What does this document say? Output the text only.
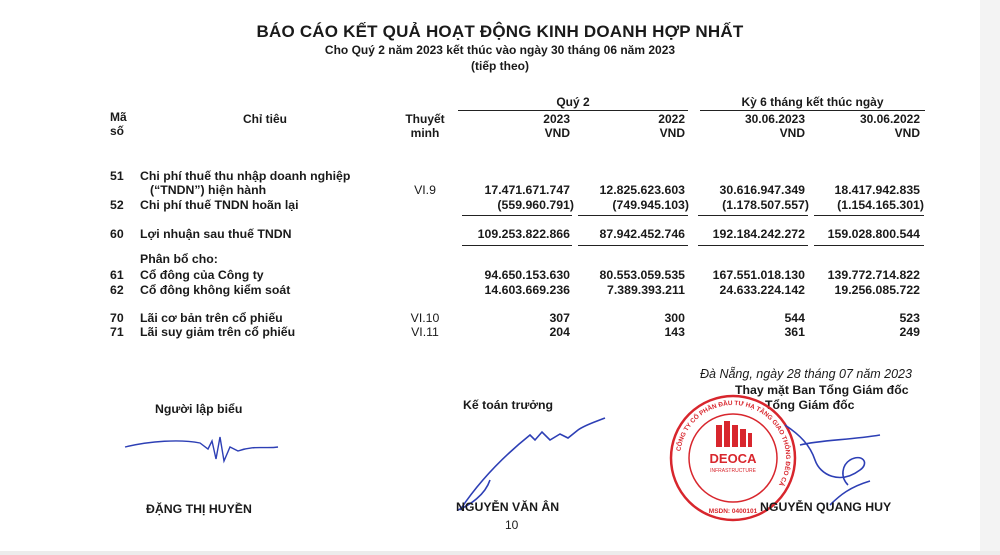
BÁO CÁO KẾT QUẢ HOẠT ĐỘNG KINH DOANH HỢP NHẤT
Cho Quý 2 năm 2023 kết thúc vào ngày 30 tháng 06 năm 2023
(tiếp theo)
Mã
số
Chỉ tiêu	Thuyết
minh
Quý 2	Kỳ 6 tháng kết thúc ngày
2023
VND
2022
VND
30.06.2023
VND
30.06.2022
VND
51 Chi phí thuế thu nhập doanh nghiệp
(“TNDN”) hiện hành	VI.9	17.471.671.747	12.825.623.603	30.616.947.349	18.417.942.835
52 Chi phí thuế TNDN hoãn lại	(559.960.791)	(749.945.103)	(1.178.507.557)	(1.154.165.301)
60 Lợi nhuận sau thuế TNDN	109.253.822.866	87.942.452.746	192.184.242.272	159.028.800.544
Phân bổ cho:
61 Cổ đông của Công ty	94.650.153.630	80.553.059.535	167.551.018.130	139.772.714.822
62 Cổ đông không kiểm soát	14.603.669.236	7.389.393.211	24.633.224.142	19.256.085.722
70 Lãi cơ bản trên cổ phiếu	VI.10	307	300	544	523
71 Lãi suy giảm trên cổ phiếu	VI.11	204	143	361	249
Đà Nẵng, ngày 28 tháng 07 năm 2023
Thay mặt Ban Tổng Giám đốc
Tổng Giám đốc
Người lập biểu	Kế toán trưởng
CÔNG TY CỔ PHẦN ĐẦU TƯ HẠ TẦNG GIAO THÔNG ĐÈO CẢ
DEOCA
INFRASTRUCTURE
MSDN: 0400101
ĐẶNG THỊ HUYỀN	NGUYỄN VĂN ÂN	NGUYỄN QUANG HUY
10
